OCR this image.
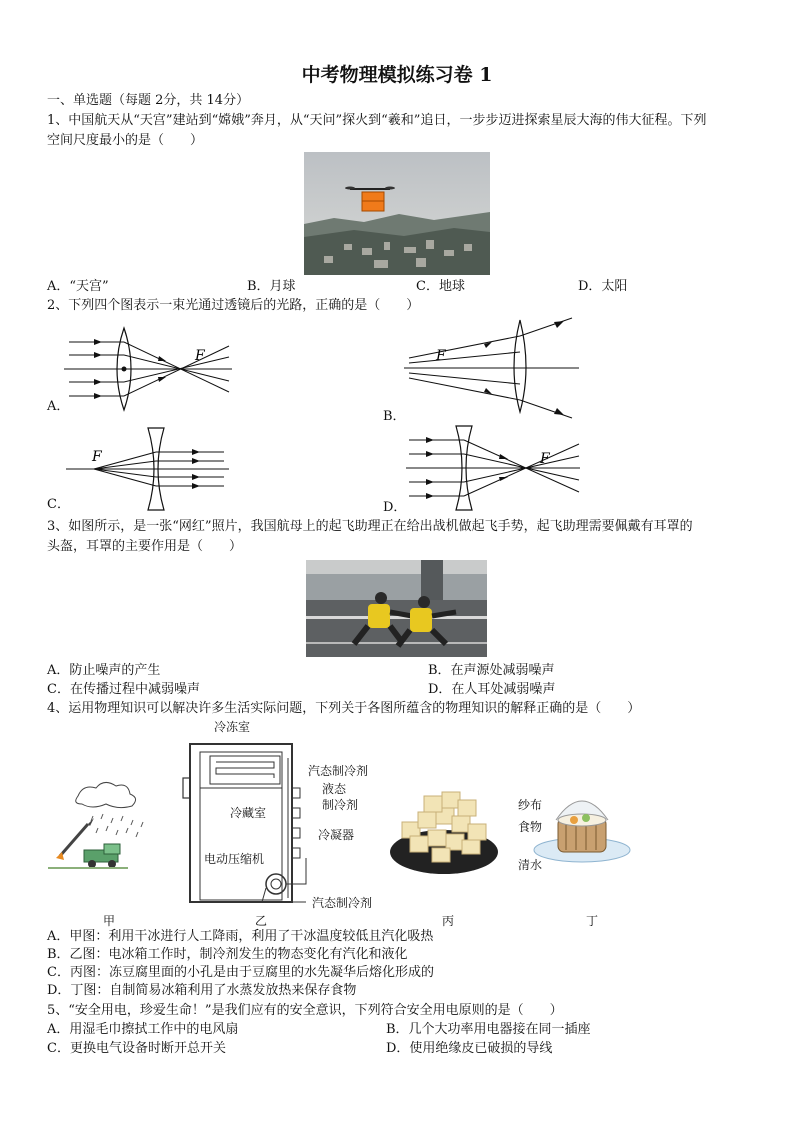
中考物理模拟练习卷 1
一、单选题（每题 2分，共 14分）
1、中国航天从“天宫”建站到“嫦娥”奔月，从“天问”探火到“羲和”追日，一步步迈进探索星辰大海的伟大征程。下列
空间尺度最小的是（　　）
A．“天宫”	B．月球	C．地球	D．太阳
2、下列四个图表示一束光通过透镜后的光路，正确的是（　　）
F
A．
F
B．
F
C．
F
D．
3、如图所示，是一张“网红”照片，我国航母上的起飞助理正在给出战机做起飞手势，起飞助理需要佩戴有耳罩的
头盔，耳罩的主要作用是（　　）
A．防止噪声的产生	B．在声源处减弱噪声
C．在传播过程中减弱噪声	D．在人耳处减弱噪声
4、运用物理知识可以解决许多生活实际问题，下列关于各图所蕴含的物理知识的解释正确的是（　　）
冷冻室
汽态制冷剂
液态
制冷剂
冷藏室
冷凝器
电动压缩机
汽态制冷剂
纱布
食物
清水
甲	乙	丙	丁
A．甲图：利用干冰进行人工降雨，利用了干冰温度较低且汽化吸热
B．乙图：电冰箱工作时，制冷剂发生的物态变化有汽化和液化
C．丙图：冻豆腐里面的小孔是由于豆腐里的水先凝华后熔化形成的
D．丁图：自制简易冰箱利用了水蒸发放热来保存食物
5、“安全用电，珍爱生命！”是我们应有的安全意识，下列符合安全用电原则的是（　　）
A．用湿毛巾擦拭工作中的电风扇	B．几个大功率用电器接在同一插座
C．更换电气设备时断开总开关	D．使用绝缘皮已破损的导线
